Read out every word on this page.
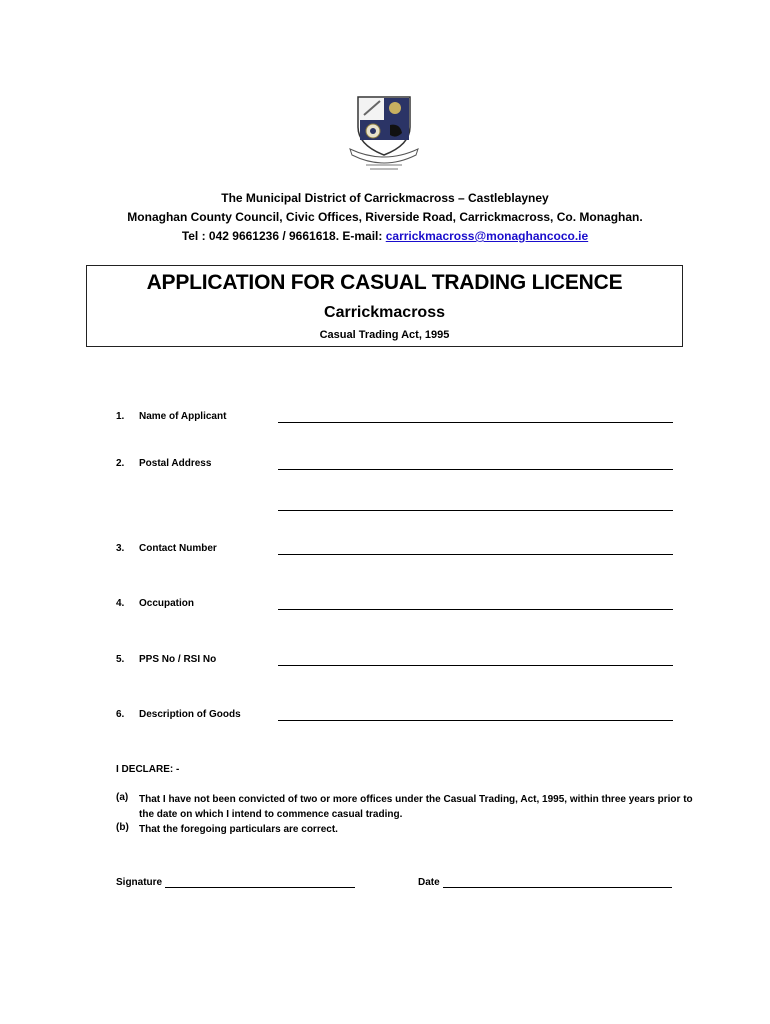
The Municipal District of Carrickmacross – Castleblayney
Monaghan County Council, Civic Offices, Riverside Road, Carrickmacross, Co. Monaghan.
Tel : 042 9661236 / 9661618. E-mail: carrickmacross@monaghancoco.ie
APPLICATION FOR CASUAL TRADING LICENCE
Carrickmacross
Casual Trading Act, 1995
1. Name of Applicant
2. Postal Address
3. Contact Number
4. Occupation
5. PPS No / RSI No
6. Description of Goods
I DECLARE: -
(a) That I have not been convicted of two or more offices under the Casual Trading, Act, 1995, within three years prior to the date on which I intend to commence casual trading.
(b) That the foregoing particulars are correct.
Signature	Date
